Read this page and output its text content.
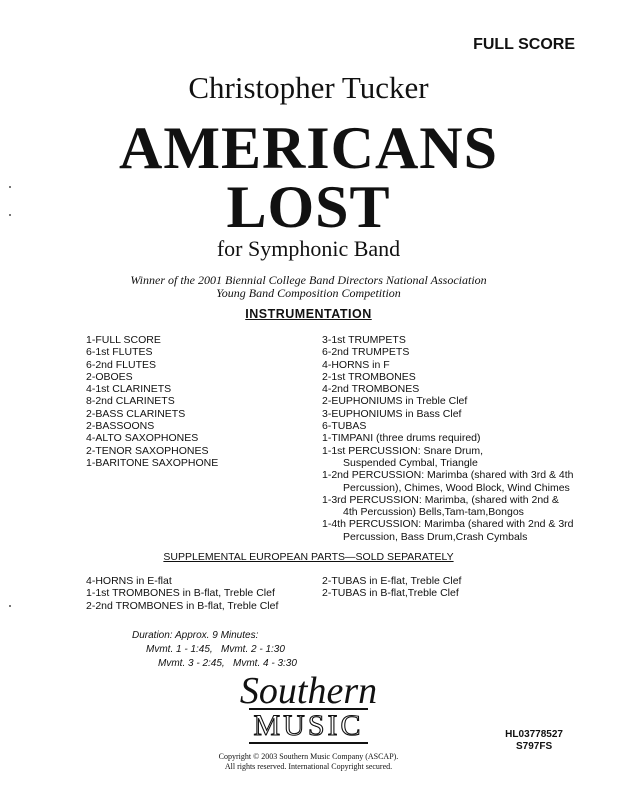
FULL SCORE
Christopher Tucker
AMERICANS
LOST
for Symphonic Band
Winner of the 2001 Biennial College Band Directors National Association
Young Band Composition Competition
INSTRUMENTATION
1-FULL SCORE
6-1st FLUTES
6-2nd FLUTES
2-OBOES
4-1st CLARINETS
8-2nd CLARINETS
2-BASS CLARINETS
2-BASSOONS
4-ALTO SAXOPHONES
2-TENOR SAXOPHONES
1-BARITONE SAXOPHONE
3-1st TRUMPETS
6-2nd TRUMPETS
4-HORNS in F
2-1st TROMBONES
4-2nd TROMBONES
2-EUPHONIUMS in Treble Clef
3-EUPHONIUMS in Bass Clef
6-TUBAS
1-TIMPANI (three drums required)
1-1st PERCUSSION: Snare Drum,
Suspended Cymbal, Triangle
1-2nd PERCUSSION: Marimba (shared with 3rd & 4th
Percussion), Chimes, Wood Block, Wind Chimes
1-3rd PERCUSSION: Marimba, (shared with 2nd &
4th Percussion) Bells,Tam-tam,Bongos
1-4th PERCUSSION: Marimba (shared with 2nd & 3rd
Percussion, Bass Drum,Crash Cymbals
SUPPLEMENTAL EUROPEAN PARTS—SOLD SEPARATELY
4-HORNS in E-flat
1-1st TROMBONES in B-flat, Treble Clef
2-2nd TROMBONES in B-flat, Treble Clef
2-TUBAS in E-flat, Treble Clef
2-TUBAS in B-flat,Treble Clef
Duration: Approx. 9 Minutes:
Mvmt. 1 - 1:45,   Mvmt. 2 - 1:30
Mvmt. 3 - 2:45,   Mvmt. 4 - 3:30
Southern
MUSIC	HL03778527
S797FS
Copyright © 2003 Southern Music Company (ASCAP).
All rights reserved. International Copyright secured.
